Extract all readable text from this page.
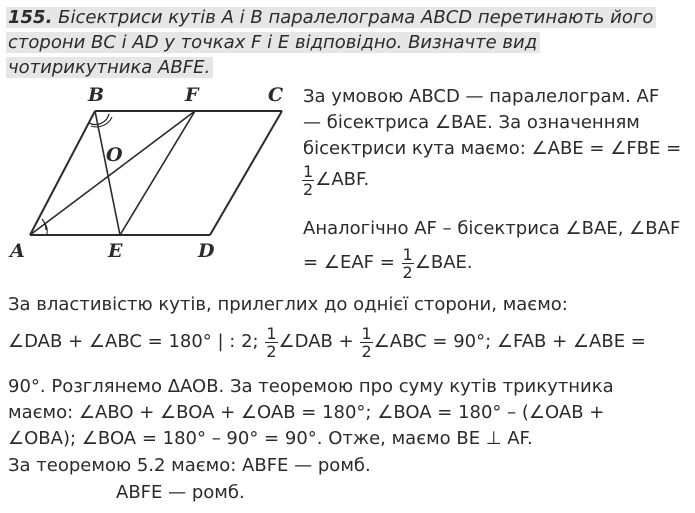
155. Бісектриси кутів A і B паралелограма ABCD перетинають його
сторони BC і AD у точках F і E відповідно. Визначте вид
чотирикутника ABFE.
A
B	C
D
E
F
O
За умовою ABCD — паралелограм. AF
— бісектриса ∠BAE. За означенням
бісектриси кута маємо: ∠ABE = ∠FBE =
$\frac{1}{2}$ ∠ABF.
Аналогічно AF – бісектриса ∠BAE, ∠BAF
= ∠EAF = $\frac{1}{2}$ ∠BAE.
За властивістю кутів, прилеглих до однієї сторони, маємо:
∠DAB + ∠ABC = 180° | : 2; $\frac{1}{2}$ ∠DAB + $\frac{1}{2}$ ∠ABC = 90°; ∠FAB + ∠ABE =
90°. Розглянемо ΔAOB. За теоремою про суму кутів трикутника
маємо: ∠ABO + ∠BOA + ∠OAB = 180°; ∠BOA = 180° – (∠OAB +
∠OBA); ∠BOA = 180° – 90° = 90°. Отже, маємо BE ⊥ AF.
За теоремою 5.2 маємо: ABFE — ромб.
ABFE — ромб.
